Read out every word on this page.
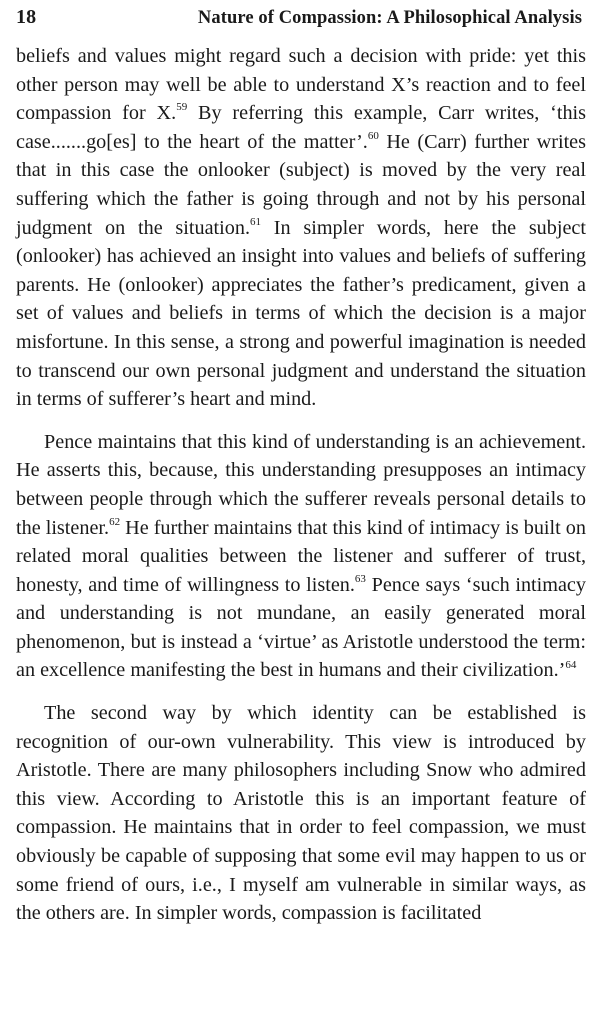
18	Nature of Compassion: A Philosophical Analysis

beliefs and values might regard such a decision with pride: yet this other person may well be able to understand X’s reaction and to feel compassion for X.$^{59}$ By referring this example, Carr writes, ‘this case.......go[es] to the heart of the matter’.$^{60}$ He (Carr) further writes that in this case the onlooker (subject) is moved by the very real suffering which the father is going through and not by his personal judgment on the situation.$^{61}$ In simpler words, here the subject (onlooker) has achieved an insight into values and beliefs of suffering parents. He (onlooker) appreciates the father’s predicament, given a set of values and beliefs in terms of which the decision is a major misfortune. In this sense, a strong and powerful imagination is needed to transcend our own personal judgment and understand the situation in terms of sufferer’s heart and mind.

Pence maintains that this kind of understanding is an achievement. He asserts this, because, this understanding presupposes an intimacy between people through which the sufferer reveals personal details to the listener.$^{62}$ He further maintains that this kind of intimacy is built on related moral qualities between the listener and sufferer of trust, honesty, and time of willingness to listen.$^{63}$ Pence says ‘such intimacy and understanding is not mundane, an easily generated moral phenomenon, but is instead a ‘virtue’ as Aristotle understood the term: an excellence manifesting the best in humans and their civilization.’$^{64}$

The second way by which identity can be established is recognition of our-own vulnerability. This view is introduced by Aristotle. There are many philosophers including Snow who admired this view. According to Aristotle this is an important feature of compassion. He maintains that in order to feel compassion, we must obviously be capable of supposing that some evil may happen to us or some friend of ours, i.e., I myself am vulnerable in similar ways, as the others are. In simpler words, compassion is facilitated
